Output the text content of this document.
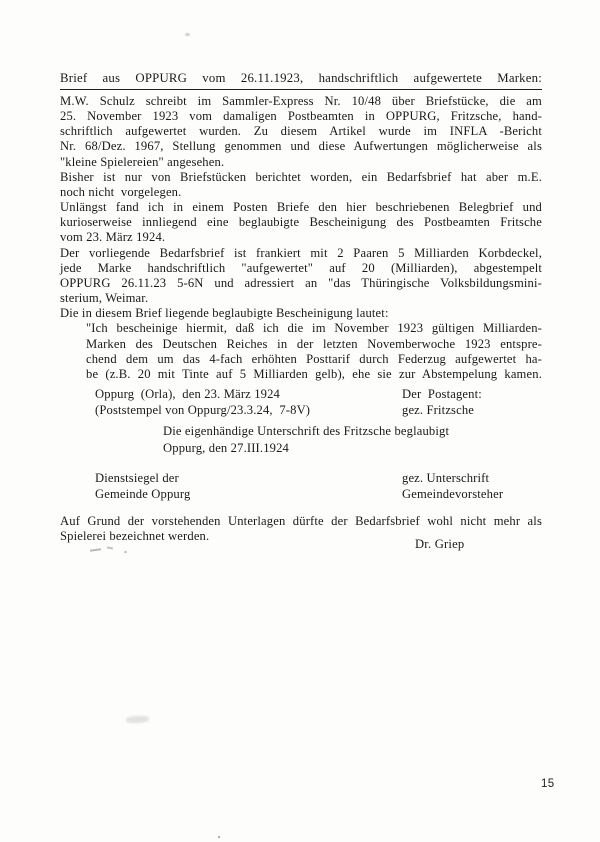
Brief aus OPPURG vom 26.11.1923, handschriftlich aufgewertete Marken:
M.W. Schulz schreibt im Sammler-Express Nr. 10/48 über Briefstücke, die am
25. November 1923 vom damaligen Postbeamten in OPPURG, Fritzsche, hand-
schriftlich aufgewertet wurden. Zu diesem Artikel wurde im INFLA -Bericht
Nr. 68/Dez. 1967, Stellung genommen und diese Aufwertungen möglicherweise als
"kleine Spielereien" angesehen.
Bisher ist nur von Briefstücken berichtet worden, ein Bedarfsbrief hat aber m.E.
noch nicht  vorgelegen.
Unlängst fand ich in einem Posten Briefe den hier beschriebenen Belegbrief und
kurioserweise innliegend eine beglaubigte Bescheinigung des Postbeamten Fritsche
vom 23. März 1924.
Der vorliegende Bedarfsbrief ist frankiert mit 2 Paaren 5 Milliarden Korbdeckel,
jede Marke handschriftlich "aufgewertet" auf 20 (Milliarden), abgestempelt
OPPURG 26.11.23 5-6N und adressiert an "das Thüringische Volksbildungsmini-
sterium, Weimar.
Die in diesem Brief liegende beglaubigte Bescheinigung lautet:
"Ich bescheinige hiermit, daß ich die im November 1923 gültigen Milliarden-
Marken des Deutschen Reiches in der letzten Novemberwoche 1923 entspre-
chend dem um das 4-fach erhöhten Posttarif durch Federzug aufgewertet ha-
be (z.B. 20 mit Tinte auf 5 Milliarden gelb), ehe sie zur Abstempelung kamen.
Oppurg  (Orla),  den 23. März 1924	Der  Postagent:
(Poststempel von Oppurg/23.3.24,  7-8V)	gez. Fritzsche
Die eigenhändige Unterschrift des Fritzsche beglaubigt
Oppurg, den 27.III.1924
Dienstsiegel der	gez. Unterschrift
Gemeinde Oppurg	Gemeindevorsteher
Auf Grund der vorstehenden Unterlagen dürfte der Bedarfsbrief wohl nicht mehr als
Spielerei bezeichnet werden.
Dr. Griep
15
